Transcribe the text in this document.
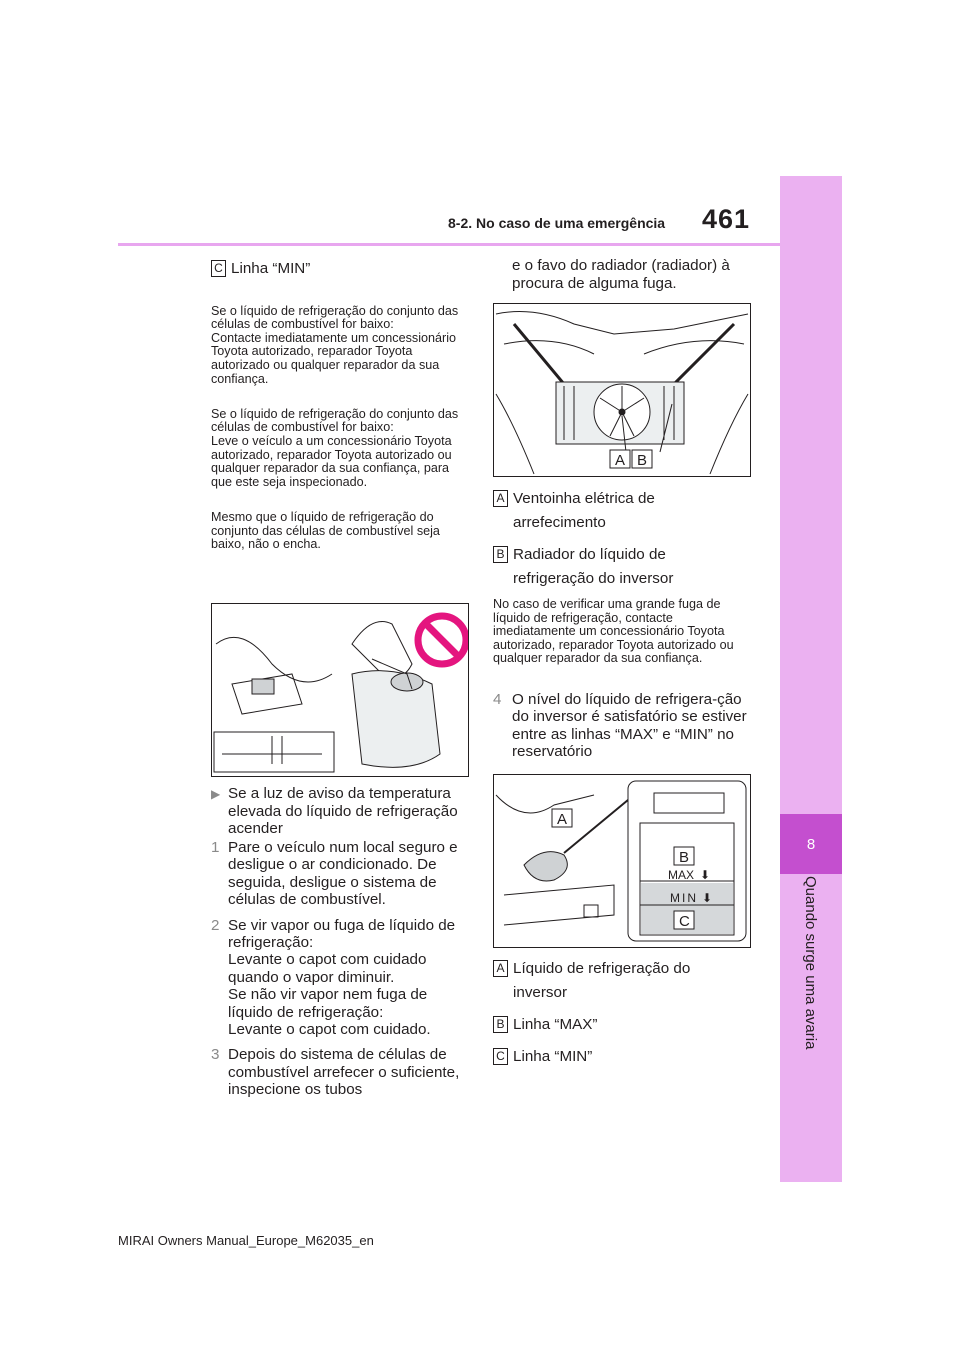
8-2. No caso de uma emergência 461
8
Quando surge uma avaria
C Linha “MIN”

Se o líquido de refrigeração do conjunto das células de combustível for baixo:
Contacte imediatamente um concessionário Toyota autorizado, reparador Toyota autorizado ou qualquer reparador da sua confiança.

Se o líquido de refrigeração do conjunto das células de combustível for baixo:
Leve o veículo a um concessionário Toyota autorizado, reparador Toyota autorizado ou qualquer reparador da sua confiança, para que este seja inspecionado.

Mesmo que o líquido de refrigeração do conjunto das células de combustível seja baixo, não o encha.

▶ Se a luz de aviso da temperatura elevada do líquido de refrigeração acender
1 Pare o veículo num local seguro e desligue o ar condicionado. De seguida, desligue o sistema de células de combustível.
2 Se vir vapor ou fuga de líquido de refrigeração:
Levante o capot com cuidado quando o vapor diminuir.
Se não vir vapor nem fuga de líquido de refrigeração:
Levante o capot com cuidado.
3 Depois do sistema de células de combustível arrefecer o suficiente, inspecione os tubos
e o favo do radiador (radiador) à procura de alguma fuga.
A B
A Ventoinha elétrica de arrefecimento
B Radiador do líquido de refrigeração do inversor
No caso de verificar uma grande fuga de líquido de refrigeração, contacte imediatamente um concessionário Toyota autorizado, reparador Toyota autorizado ou qualquer reparador da sua confiança.
4 O nível do líquido de refrigera-ção do inversor é satisfatório se estiver entre as linhas “MAX” e “MIN” no reservatório
MAX
MIN
⬇
⬇
A
B
C
A Líquido de refrigeração do inversor
B Linha “MAX”
C Linha “MIN”
MIRAI Owners Manual_Europe_M62035_en
